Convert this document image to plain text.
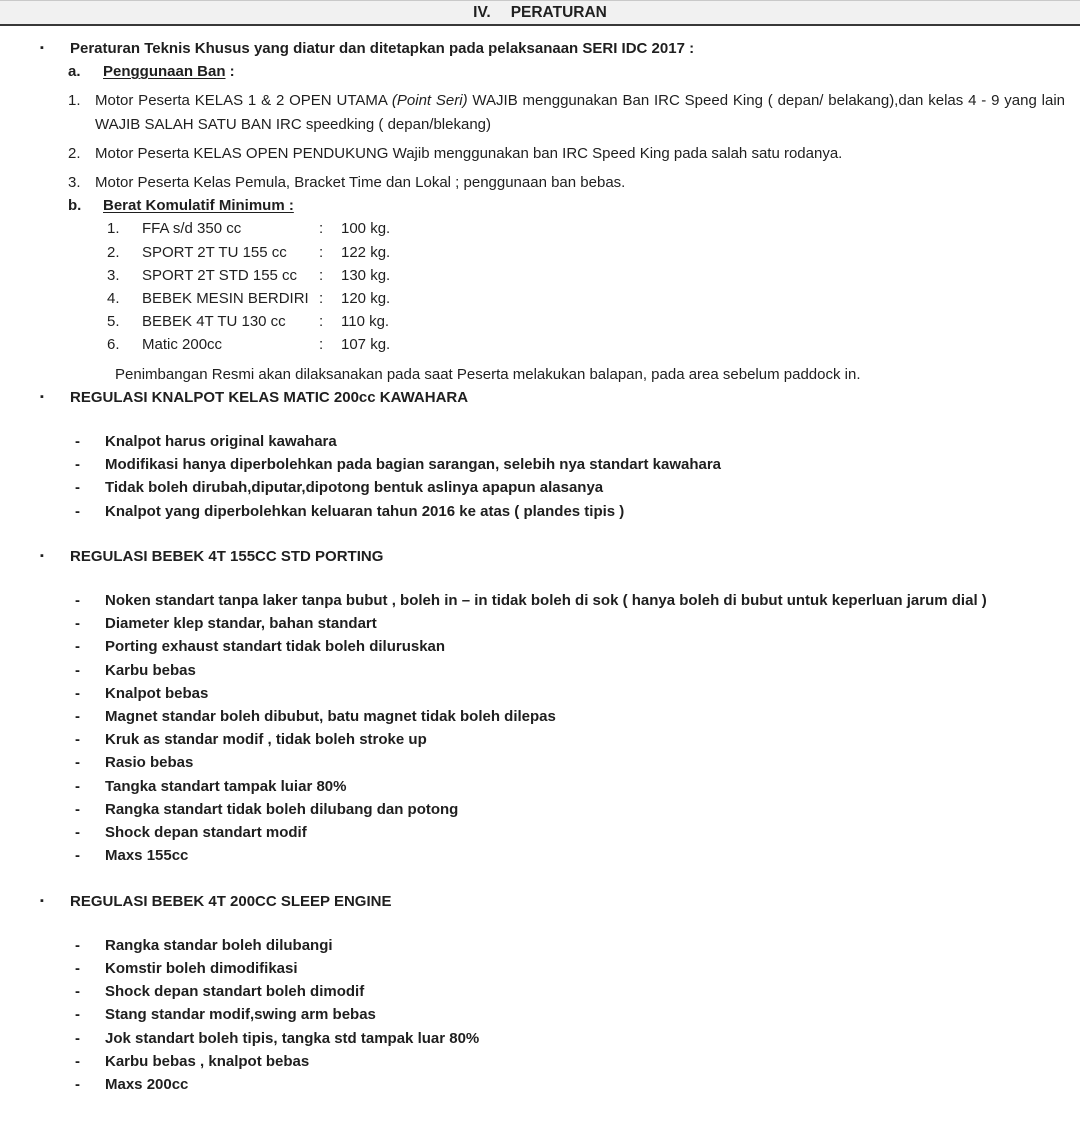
IV. PERATURAN
▪	Peraturan Teknis Khusus yang diatur dan ditetapkan pada pelaksanaan SERI IDC 2017 :
a.	Penggunaan Ban :
1. Motor Peserta KELAS 1 & 2 OPEN UTAMA (Point Seri) WAJIB menggunakan Ban IRC Speed King ( depan/ belakang),dan kelas 4 - 9 yang lain WAJIB SALAH SATU BAN IRC speedking ( depan/blekang)
2. Motor Peserta KELAS OPEN PENDUKUNG Wajib menggunakan ban IRC Speed King pada salah satu rodanya.
3. Motor Peserta Kelas Pemula, Bracket Time dan Lokal ; penggunaan ban bebas.
b.	Berat Komulatif Minimum :
1.	FFA s/d 350 cc	:	100 kg.
2.	SPORT 2T TU 155 cc	:	122 kg.
3.	SPORT 2T STD 155 cc	:	130 kg.
4.	BEBEK MESIN BERDIRI :	120 kg.
5.	BEBEK 4T TU 130 cc	:	110 kg.
6.	Matic 200cc	:	107 kg.
Penimbangan Resmi akan dilaksanakan pada saat Peserta melakukan balapan, pada area sebelum paddock in.
▪	REGULASI KNALPOT KELAS MATIC 200cc KAWAHARA
-	Knalpot harus original kawahara
-	Modifikasi hanya diperbolehkan pada bagian sarangan, selebih nya standart kawahara
-	Tidak boleh dirubah,diputar,dipotong bentuk aslinya apapun alasanya
-	Knalpot yang diperbolehkan keluaran tahun 2016 ke atas ( plandes tipis )
▪	REGULASI BEBEK 4T 155CC STD PORTING
-	Noken standart tanpa laker tanpa bubut , boleh in – in tidak boleh di sok ( hanya boleh di bubut untuk keperluan jarum dial )
-	Diameter klep standar, bahan standart
-	Porting exhaust standart tidak boleh diluruskan
-	Karbu bebas
-	Knalpot bebas
-	Magnet standar boleh dibubut, batu magnet tidak boleh dilepas
-	Kruk as standar modif , tidak boleh stroke up
-	Rasio bebas
-	Tangka standart tampak luiar 80%
-	Rangka standart tidak boleh dilubang dan potong
-	Shock depan standart modif
-	Maxs 155cc
▪	REGULASI BEBEK 4T 200CC SLEEP ENGINE
-	Rangka standar boleh dilubangi
-	Komstir boleh dimodifikasi
-	Shock depan standart boleh dimodif
-	Stang standar modif,swing arm bebas
-	Jok standart boleh tipis, tangka std tampak luar 80%
-	Karbu bebas , knalpot bebas
-	Maxs 200cc
